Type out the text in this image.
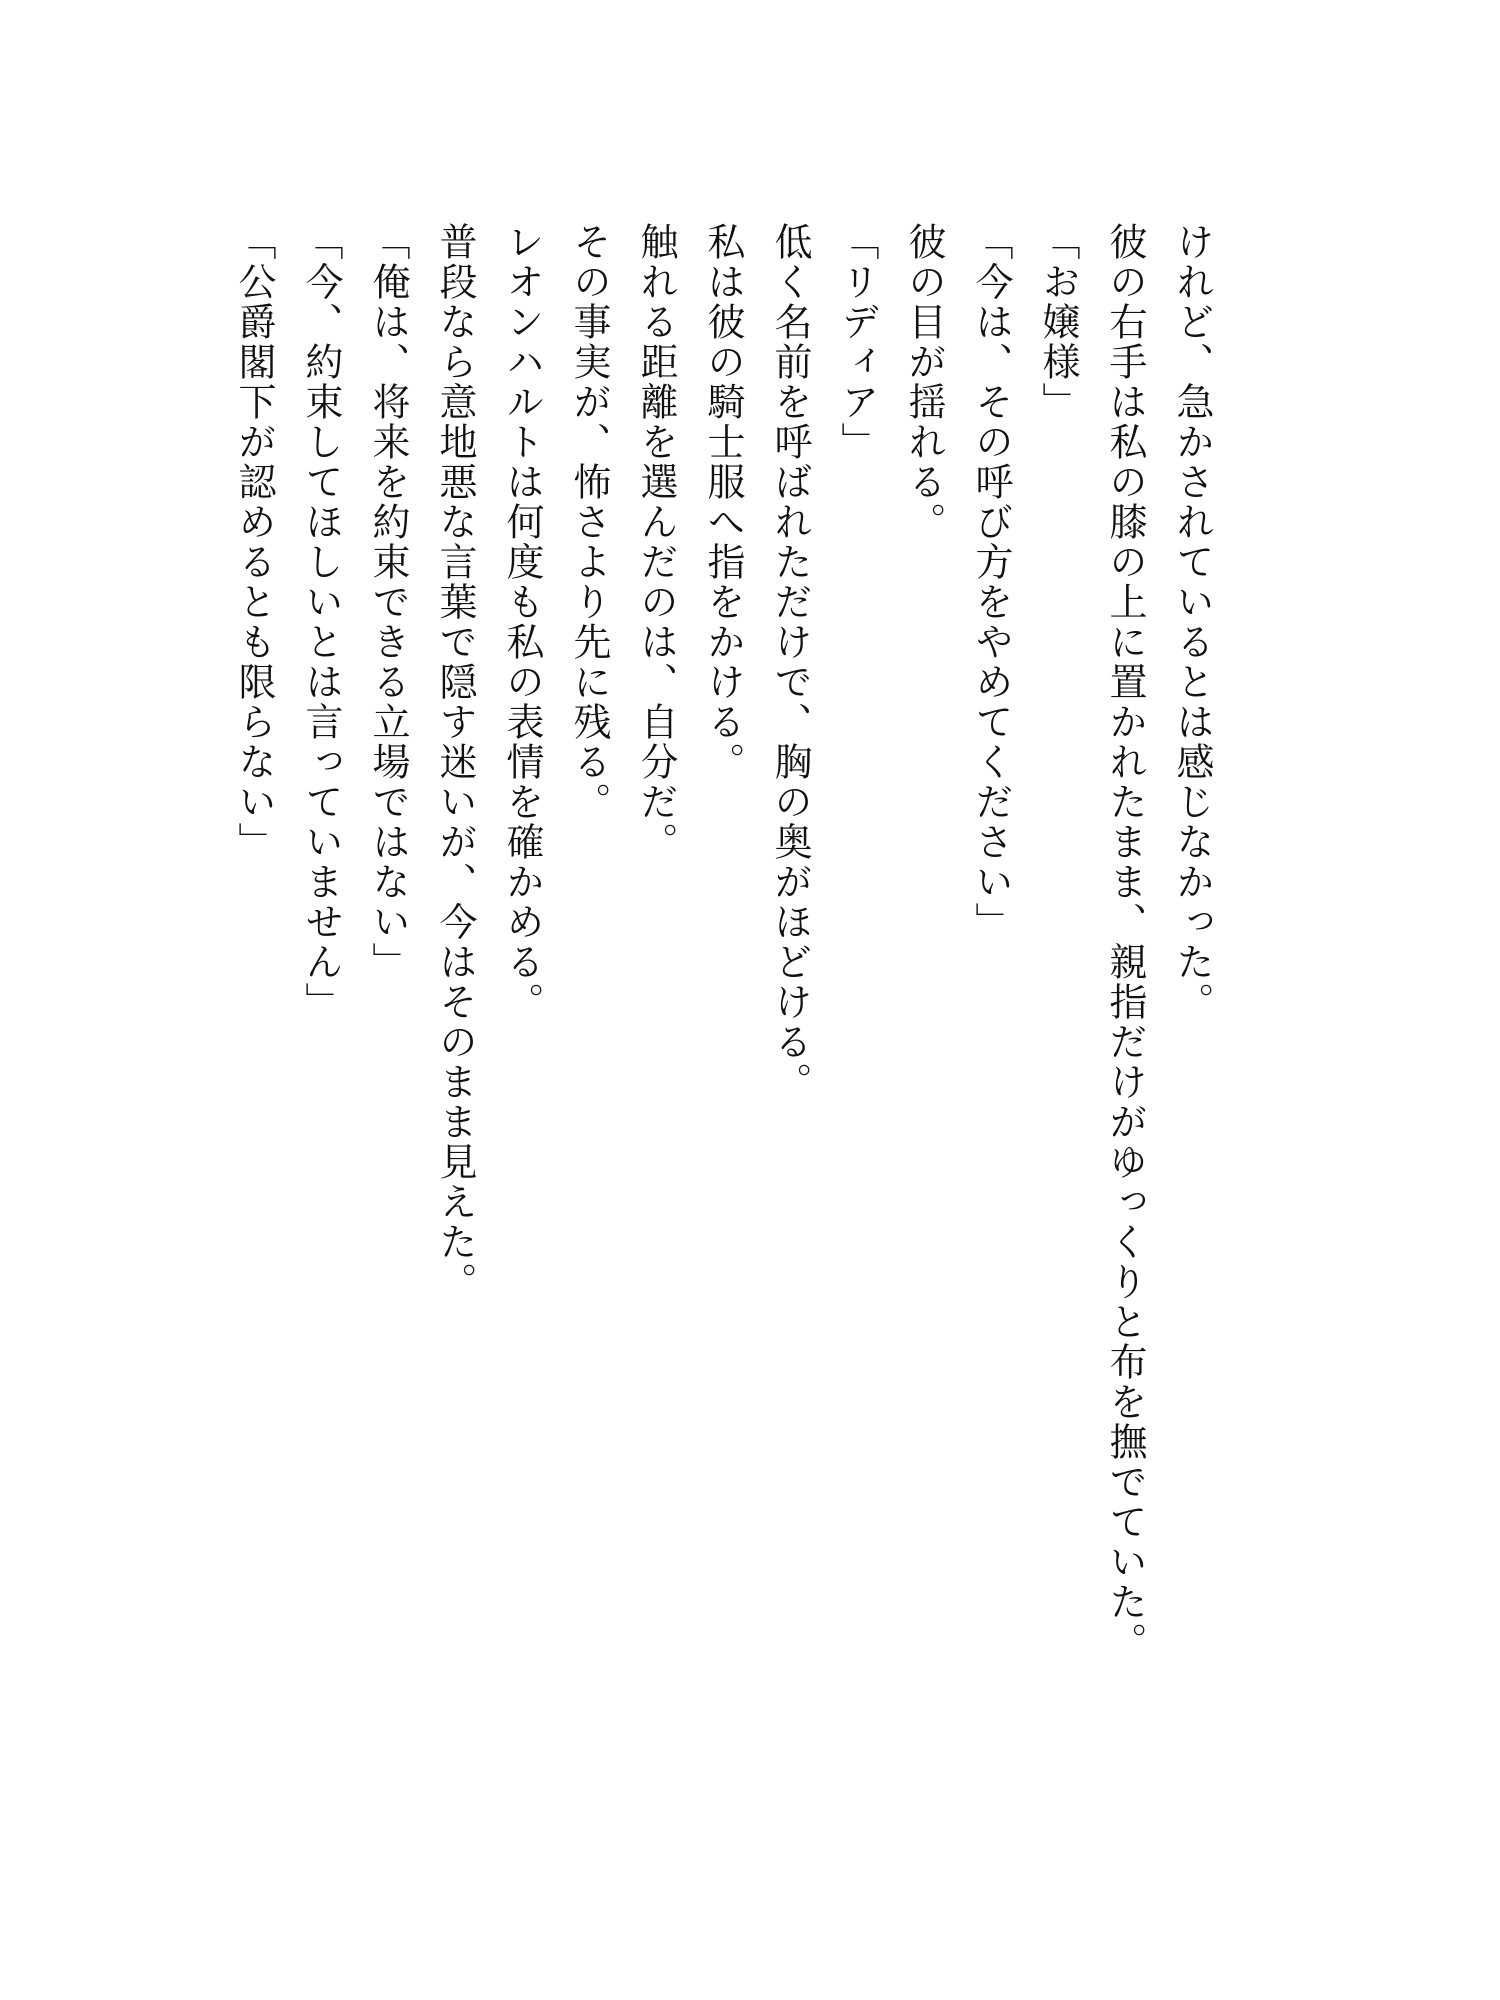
けれど、急かされているとは感じなかった。

彼の右手は私の膝の上に置かれたまま、親指だけがゆっくりと布を撫でていた。

「お嬢様」

「今は、その呼び方をやめてください」

彼の目が揺れる。

「リディア」

低く名前を呼ばれただけで、胸の奥がほどける。

私は彼の騎士服へ指をかける。

触れる距離を選んだのは、自分だ。

その事実が、怖さより先に残る。

レオンハルトは何度も私の表情を確かめる。

普段なら意地悪な言葉で隠す迷いが、今はそのまま見えた。

「俺は、将来を約束できる立場ではない」

「今、約束してほしいとは言っていません」

「公爵閣下が認めるとも限らない」
